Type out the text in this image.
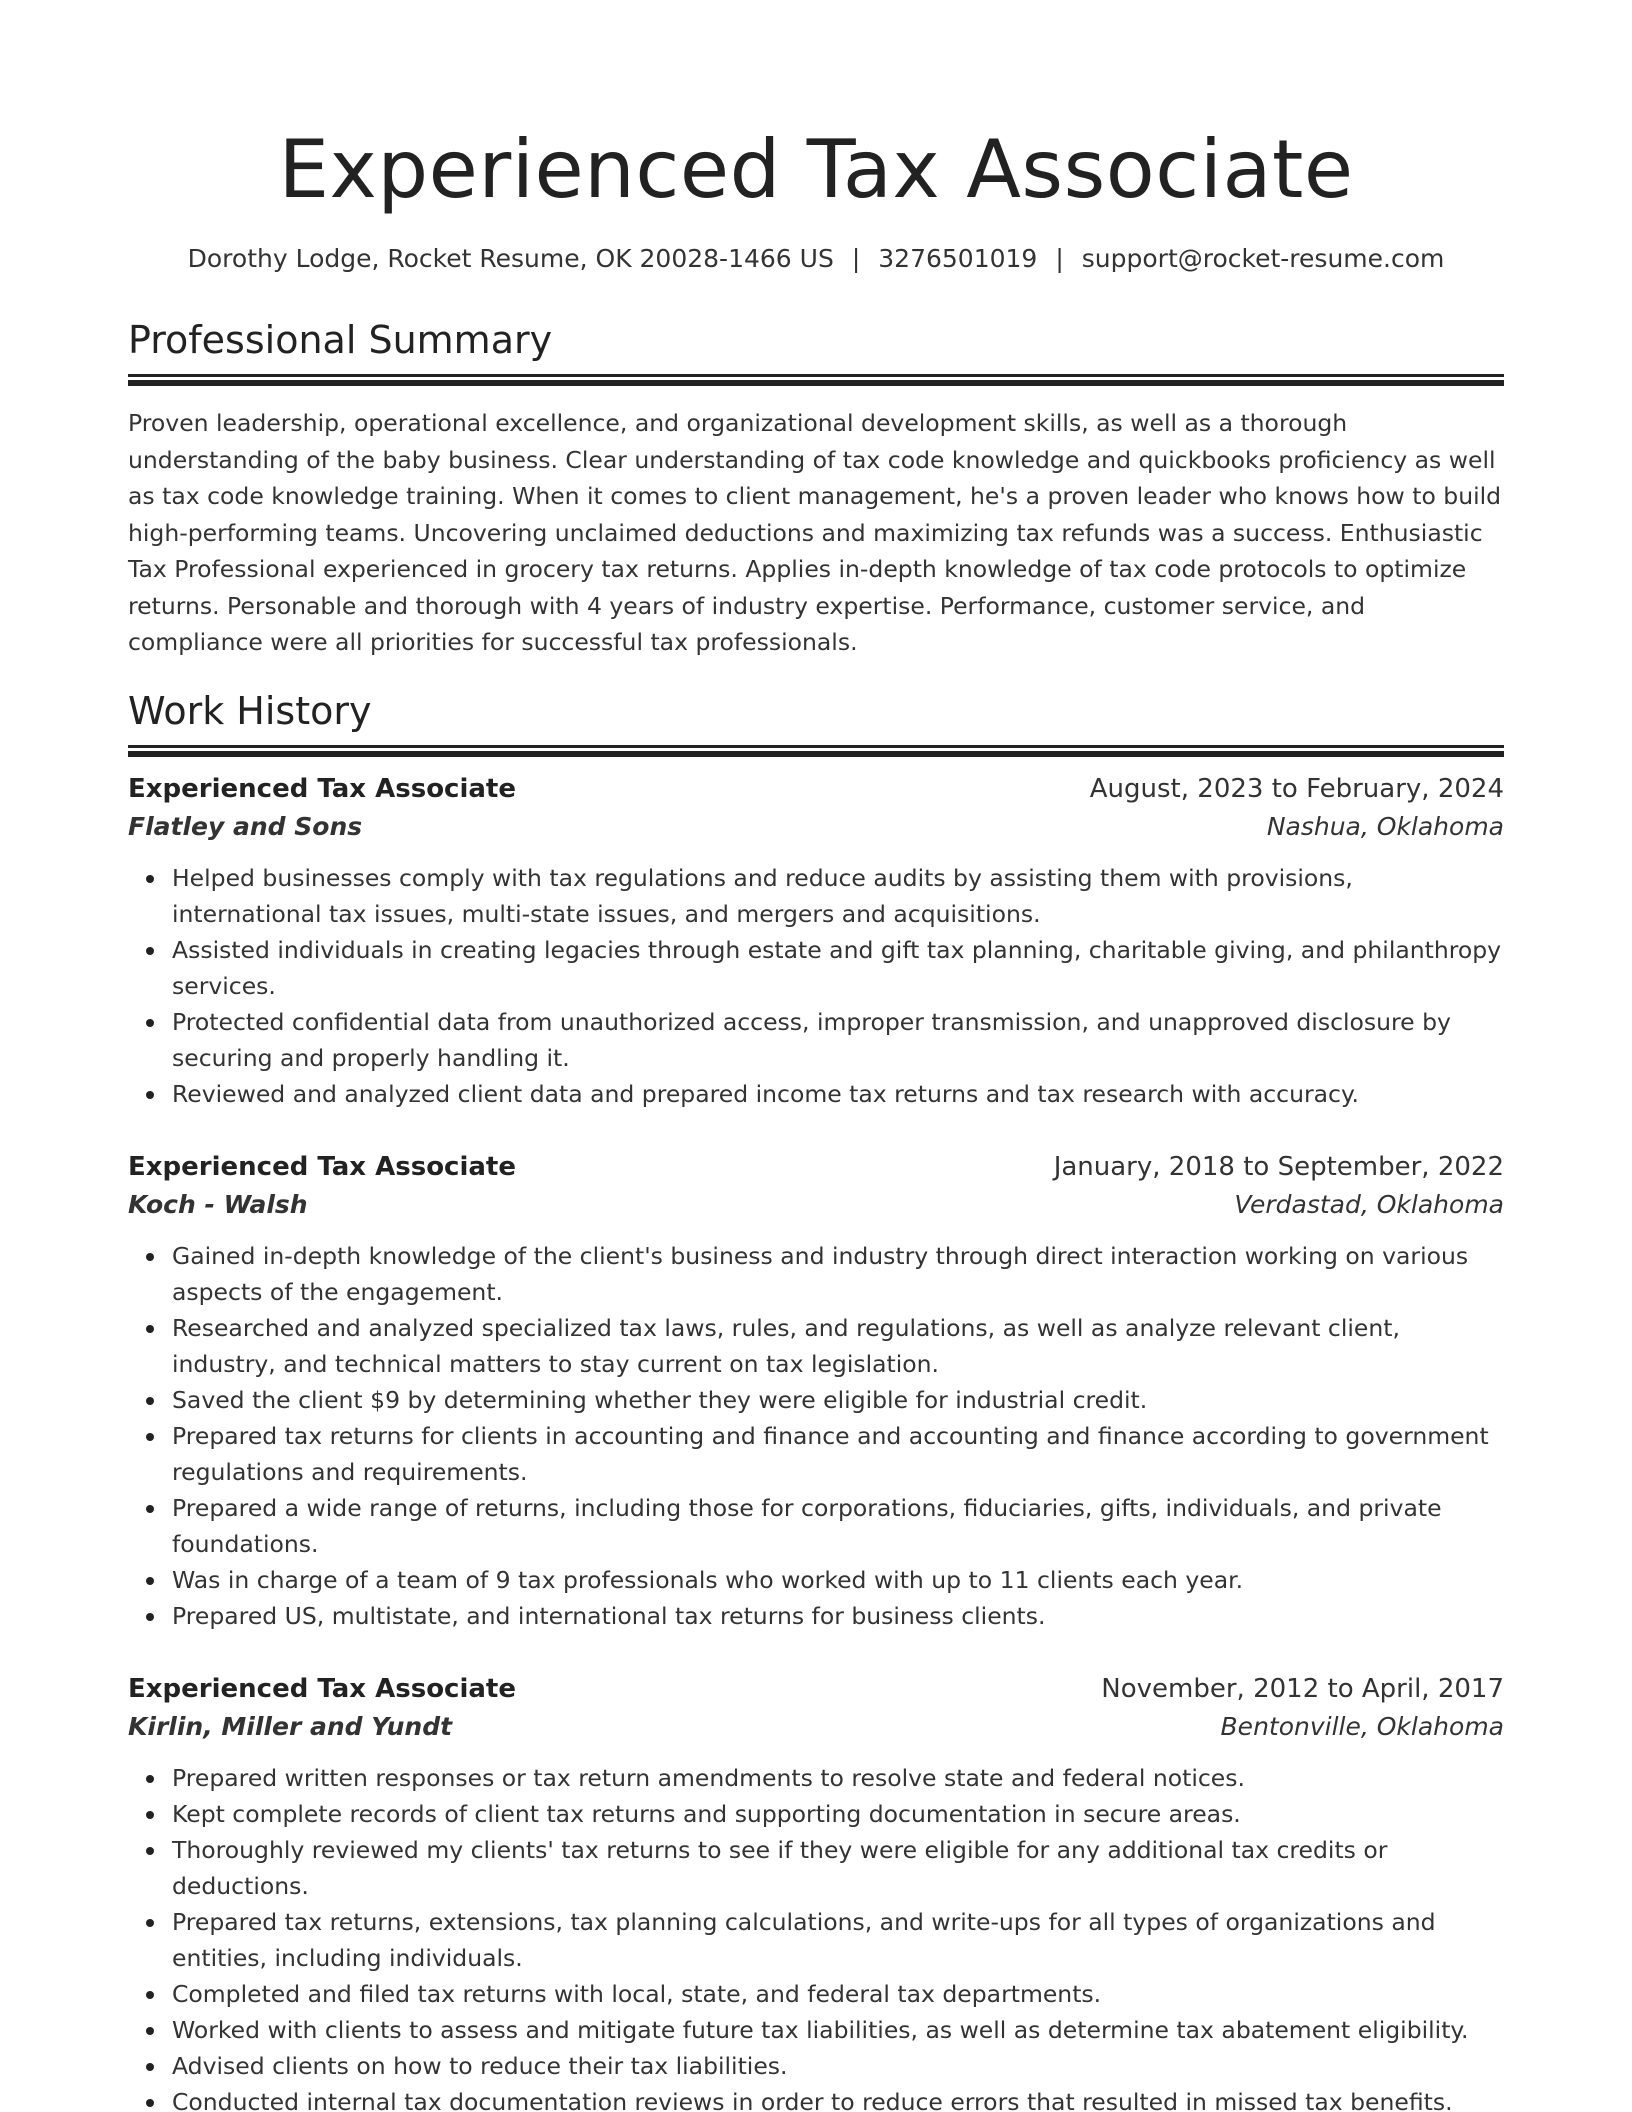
Experienced Tax Associate
Dorothy Lodge, Rocket Resume, OK 20028-1466 US | 3276501019 | support@rocket-resume.com
Professional Summary

Proven leadership, operational excellence, and organizational development skills, as well as a thorough understanding of the baby business. Clear understanding of tax code knowledge and quickbooks proficiency as well as tax code knowledge training. When it comes to client management, he's a proven leader who knows how to build high-performing teams. Uncovering unclaimed deductions and maximizing tax refunds was a success. Enthusiastic Tax Professional experienced in grocery tax returns. Applies in-depth knowledge of tax code protocols to optimize returns. Personable and thorough with 4 years of industry expertise. Performance, customer service, and compliance were all priorities for successful tax professionals.

Work History
Experienced Tax Associate	August, 2023 to February, 2024
Flatley and Sons	Nashua, Oklahoma
Helped businesses comply with tax regulations and reduce audits by assisting them with provisions, international tax issues, multi-state issues, and mergers and acquisitions.
Assisted individuals in creating legacies through estate and gift tax planning, charitable giving, and philanthropy services.
Protected confidential data from unauthorized access, improper transmission, and unapproved disclosure by securing and properly handling it.
Reviewed and analyzed client data and prepared income tax returns and tax research with accuracy.
Experienced Tax Associate	January, 2018 to September, 2022
Koch - Walsh	Verdastad, Oklahoma
Gained in-depth knowledge of the client's business and industry through direct interaction working on various aspects of the engagement.
Researched and analyzed specialized tax laws, rules, and regulations, as well as analyze relevant client, industry, and technical matters to stay current on tax legislation.
Saved the client $9 by determining whether they were eligible for industrial credit.
Prepared tax returns for clients in accounting and finance and accounting and finance according to government regulations and requirements.
Prepared a wide range of returns, including those for corporations, fiduciaries, gifts, individuals, and private foundations.
Was in charge of a team of 9 tax professionals who worked with up to 11 clients each year.
Prepared US, multistate, and international tax returns for business clients.
Experienced Tax Associate	November, 2012 to April, 2017
Kirlin, Miller and Yundt	Bentonville, Oklahoma
Prepared written responses or tax return amendments to resolve state and federal notices.
Kept complete records of client tax returns and supporting documentation in secure areas.
Thoroughly reviewed my clients' tax returns to see if they were eligible for any additional tax credits or deductions.
Prepared tax returns, extensions, tax planning calculations, and write-ups for all types of organizations and entities, including individuals.
Completed and filed tax returns with local, state, and federal tax departments.
Worked with clients to assess and mitigate future tax liabilities, as well as determine tax abatement eligibility.
Advised clients on how to reduce their tax liabilities.
Conducted internal tax documentation reviews in order to reduce errors that resulted in missed tax benefits.
